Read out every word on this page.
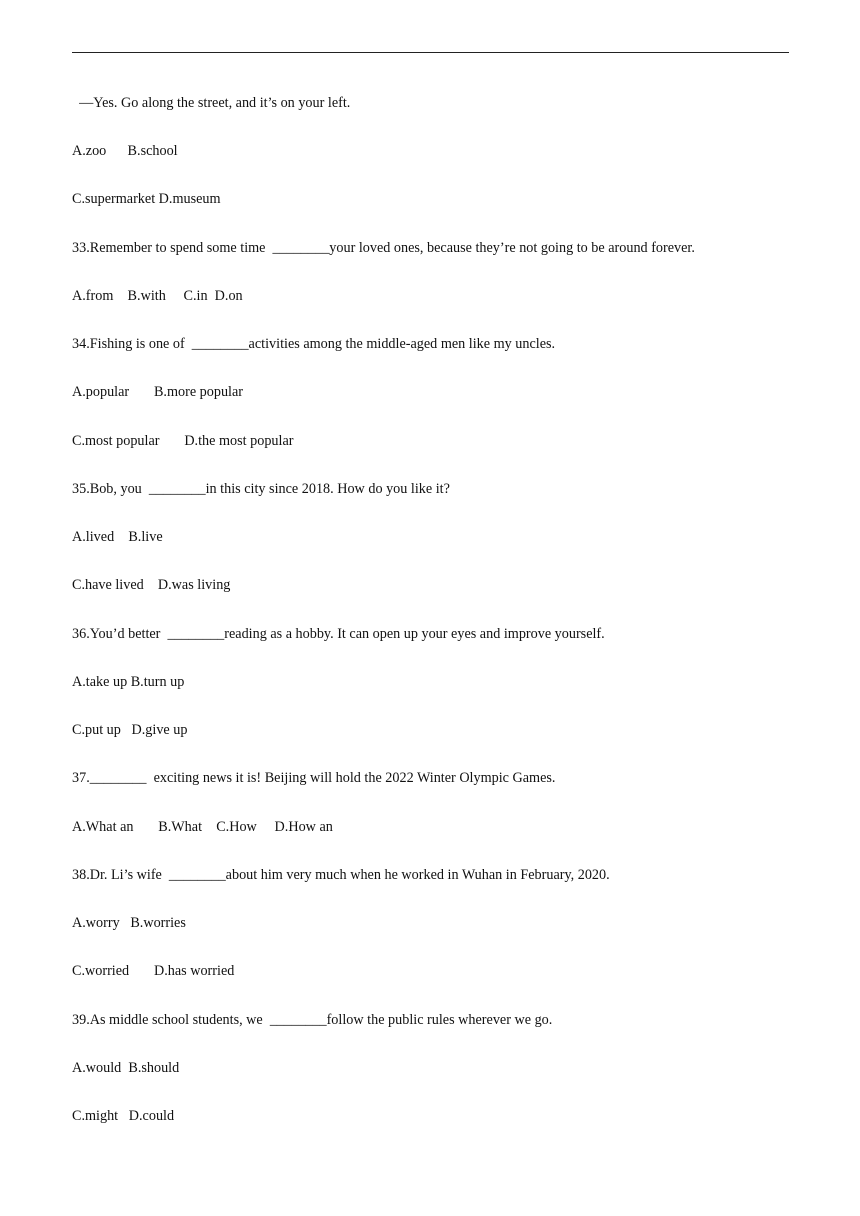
—Yes. Go along the street, and it’s on your left.
A.zoo      B.school
C.supermarket D.museum
33.Remember to spend some time  ________your loved ones, because they’re not going to be around forever.
A.from    B.with     C.in  D.on
34.Fishing is one of  ________activities among the middle-aged men like my uncles.
A.popular       B.more popular
C.most popular       D.the most popular
35.Bob, you  ________in this city since 2018. How do you like it?
A.lived    B.live
C.have lived    D.was living
36.You’d better  ________reading as a hobby. It can open up your eyes and improve yourself.
A.take up B.turn up
C.put up   D.give up
37.________  exciting news it is! Beijing will hold the 2022 Winter Olympic Games.
A.What an       B.What    C.How     D.How an
38.Dr. Li’s wife  ________about him very much when he worked in Wuhan in February, 2020.
A.worry   B.worries
C.worried       D.has worried
39.As middle school students, we  ________follow the public rules wherever we go.
A.would  B.should
C.might   D.could
